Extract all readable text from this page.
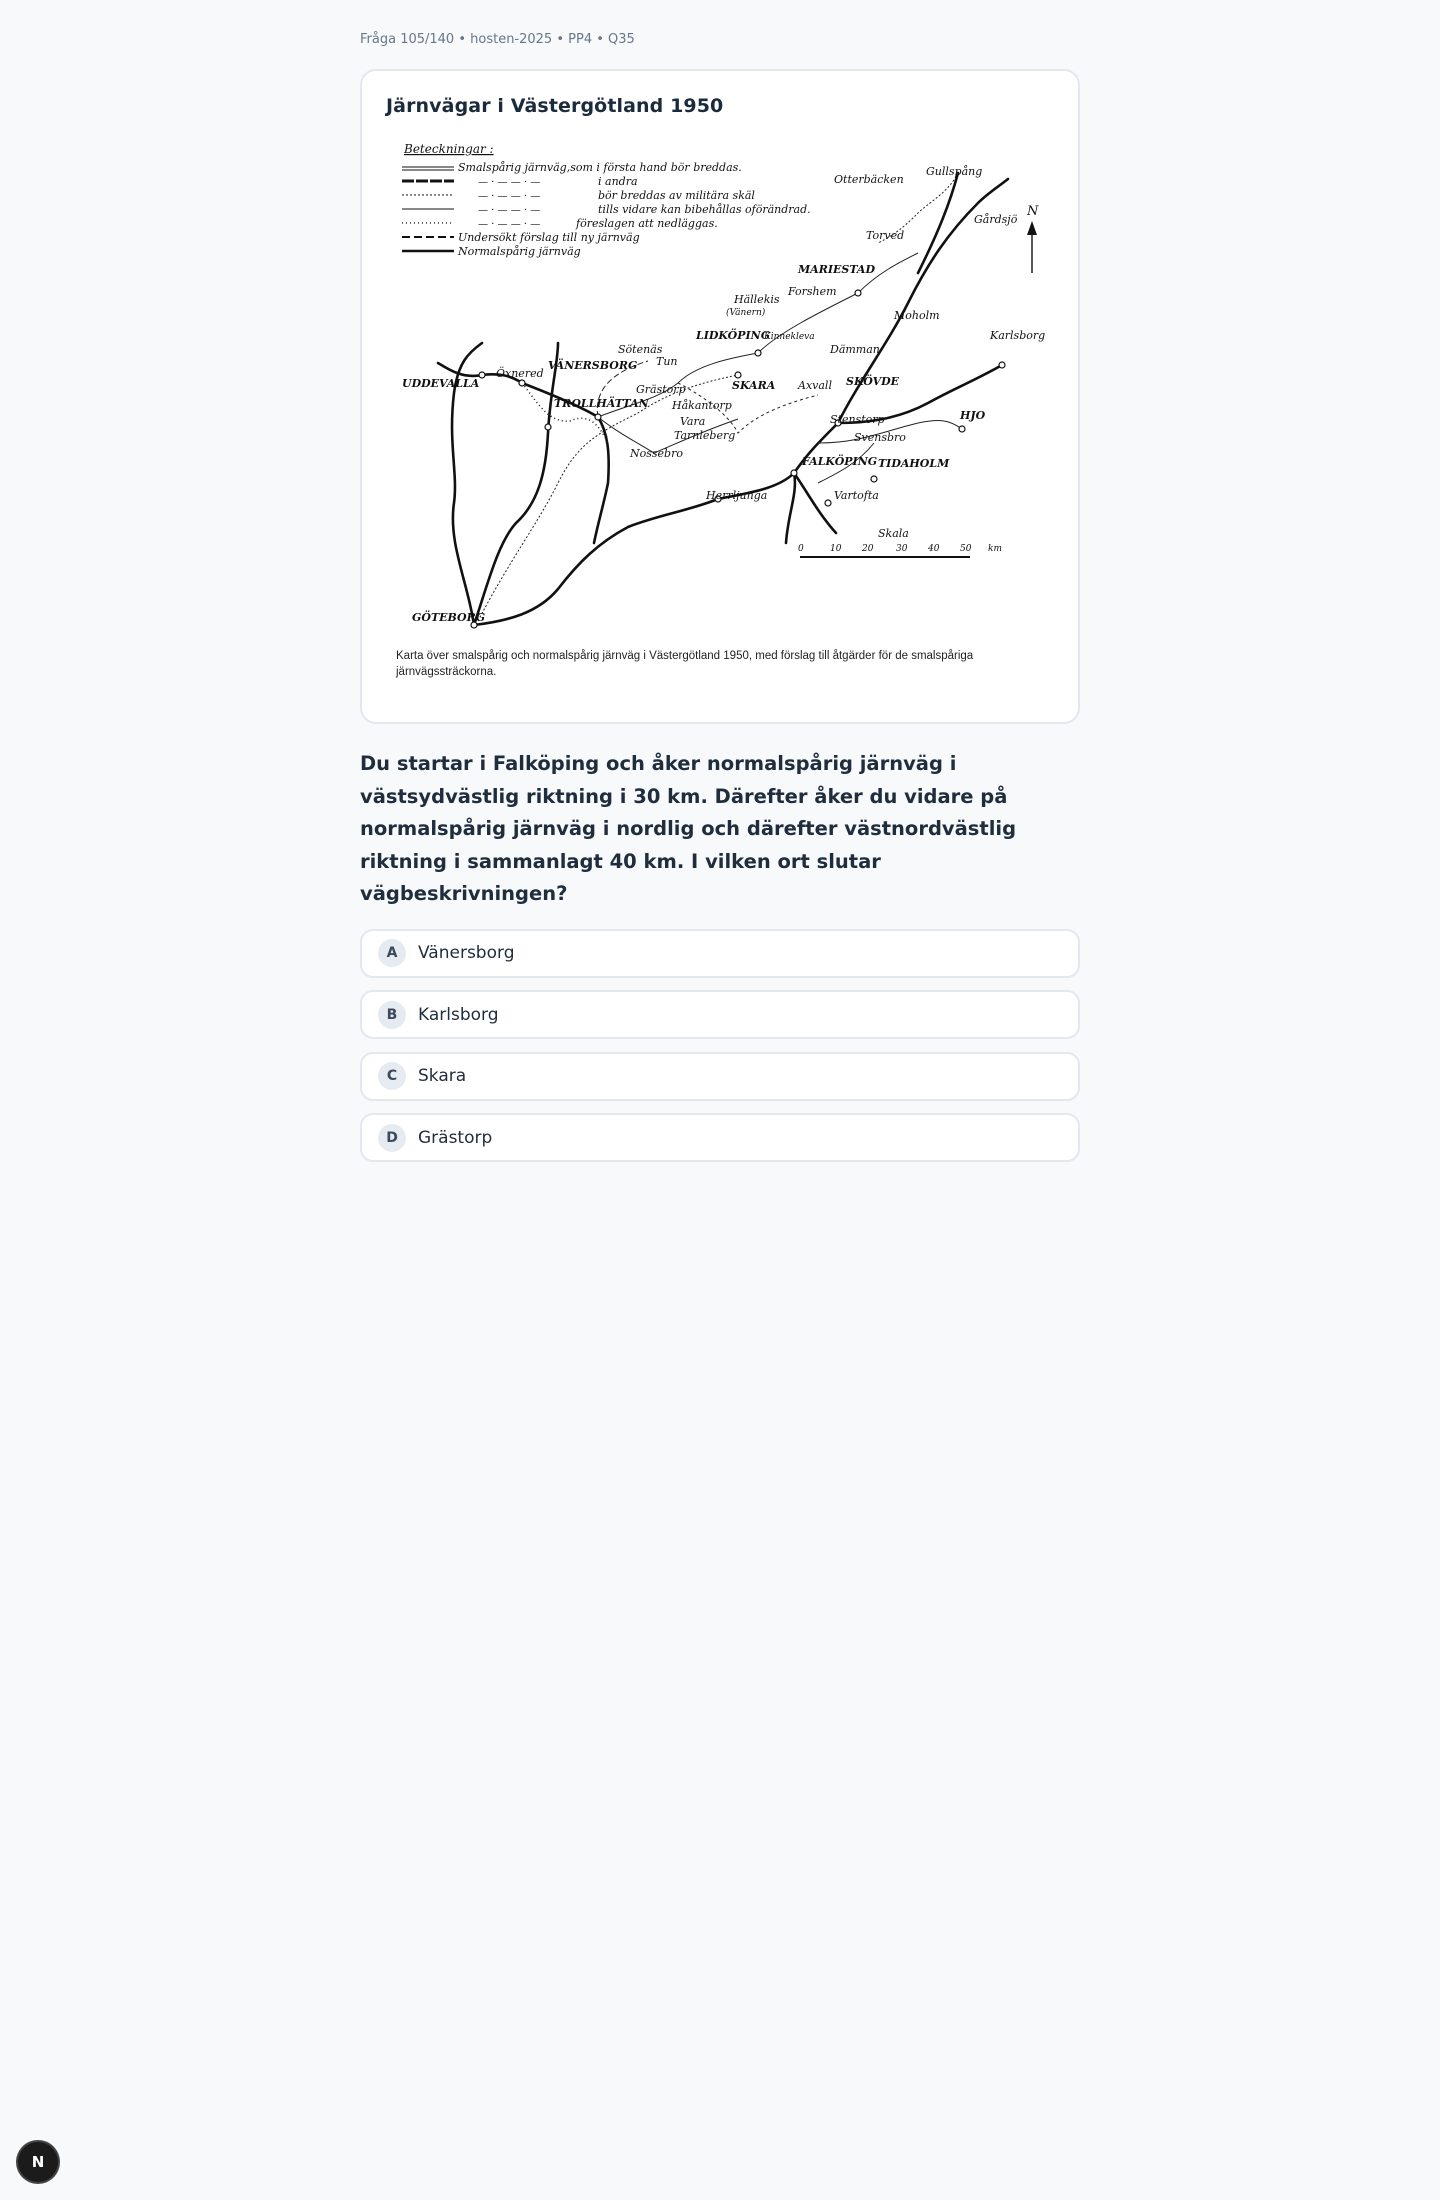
Fråga 105/140 • hosten-2025 • PP4 • Q35
Järnvägar i Västergötland 1950
Beteckningar :
Smalspårig järnväg,som i första hand bör breddas.
i andra
bör breddas av militära skäl
tills vidare kan bibehållas oförändrad.
föreslagen att nedläggas.
Undersökt förslag till ny järnväg
Normalspårig järnväg
— · — — · —
— · — — · —
— · — — · —
— · — — · —
Otterbäcken
Gullspång
Gårdsjö
Torved
MARIESTAD
Hällekis
(Vänern)
Forshem
Moholm
LIDKÖPING
Kinnekleva
Sötenäs
Tun
Dämman
Karlsborg
UDDEVALLA
Öxnered
VÄNERSBORG
Grästorp	SKARA Axvall SKÖVDE
TROLLHÄTTAN Håkantorp
Vara	Stenstorp	HJO
Tarnleberg	Svensbro
Nossebro
FALKÖPING TIDAHOLM
Herrljunga	Vartofta
GÖTEBORG
N
Skala
0	10 20	30 40 50 km
Karta över smalspårig och normalspårig järnväg i Västergötland 1950, med förslag till åtgärder för de smalspåriga järnvägssträckorna.
Du startar i Falköping och åker normalspårig järnväg i västsydvästlig riktning i 30 km. Därefter åker du vidare på normalspårig järnväg i nordlig och därefter västnordvästlig riktning i sammanlagt 40 km. I vilken ort slutar vägbeskrivningen?
A	Vänersborg
B	Karlsborg
C	Skara
D	Grästorp
N
